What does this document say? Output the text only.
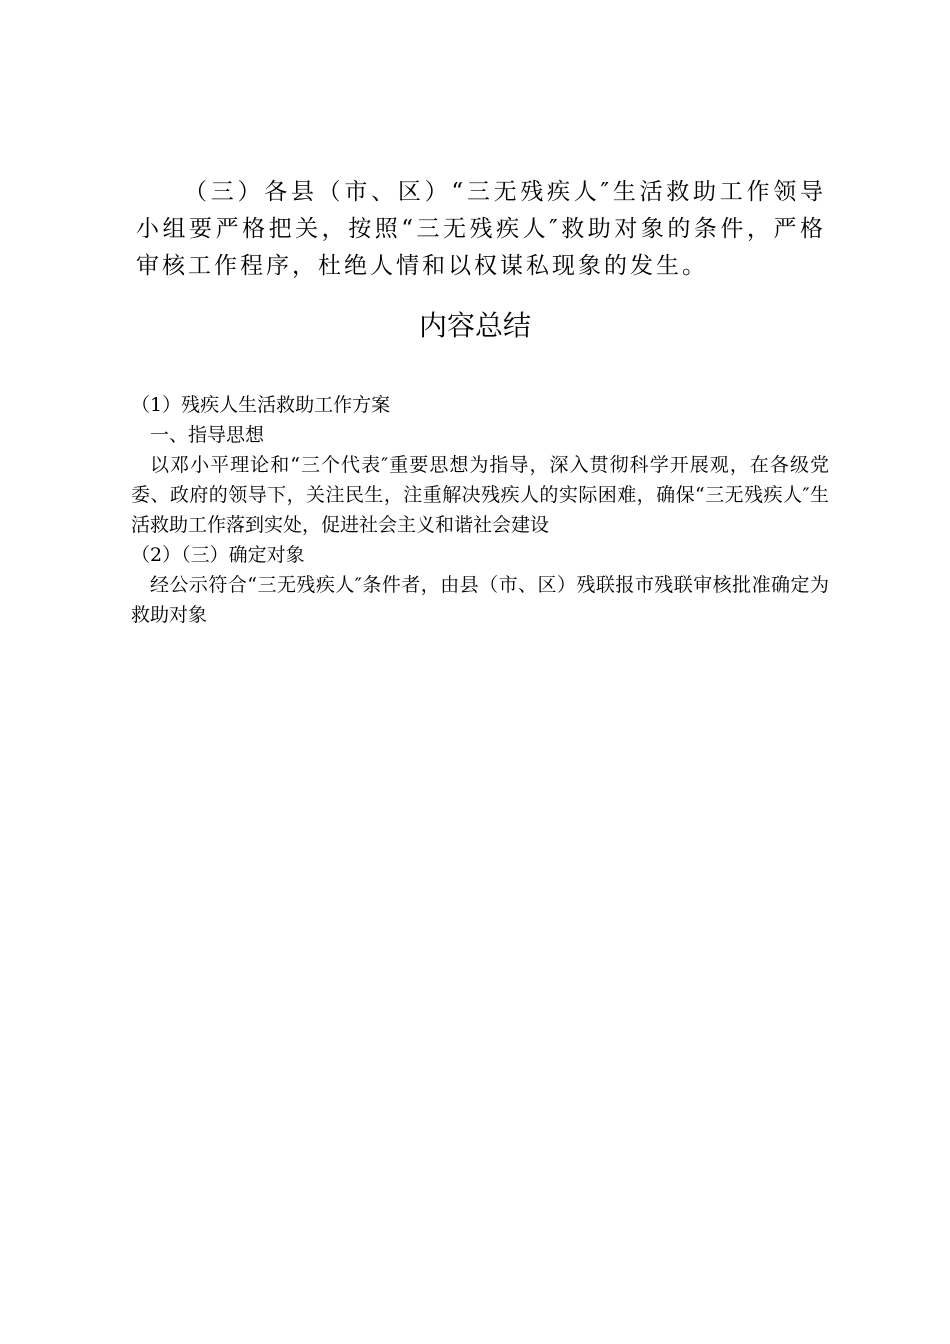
（三）各县（市、区）“三无残疾人″生活救助工作领导小组要严格把关，按照“三无残疾人″救助对象的条件，严格审核工作程序，杜绝人情和以权谋私现象的发生。

内容总结

（1）残疾人生活救助工作方案

一、指导思想

以邓小平理论和“三个代表″重要思想为指导，深入贯彻科学开展观，在各级党委、政府的领导下，关注民生，注重解决残疾人的实际困难，确保“三无残疾人″生活救助工作落到实处，促进社会主义和谐社会建设

（2）（三）确定对象

经公示符合“三无残疾人″条件者，由县（市、区）残联报市残联审核批准确定为救助对象
